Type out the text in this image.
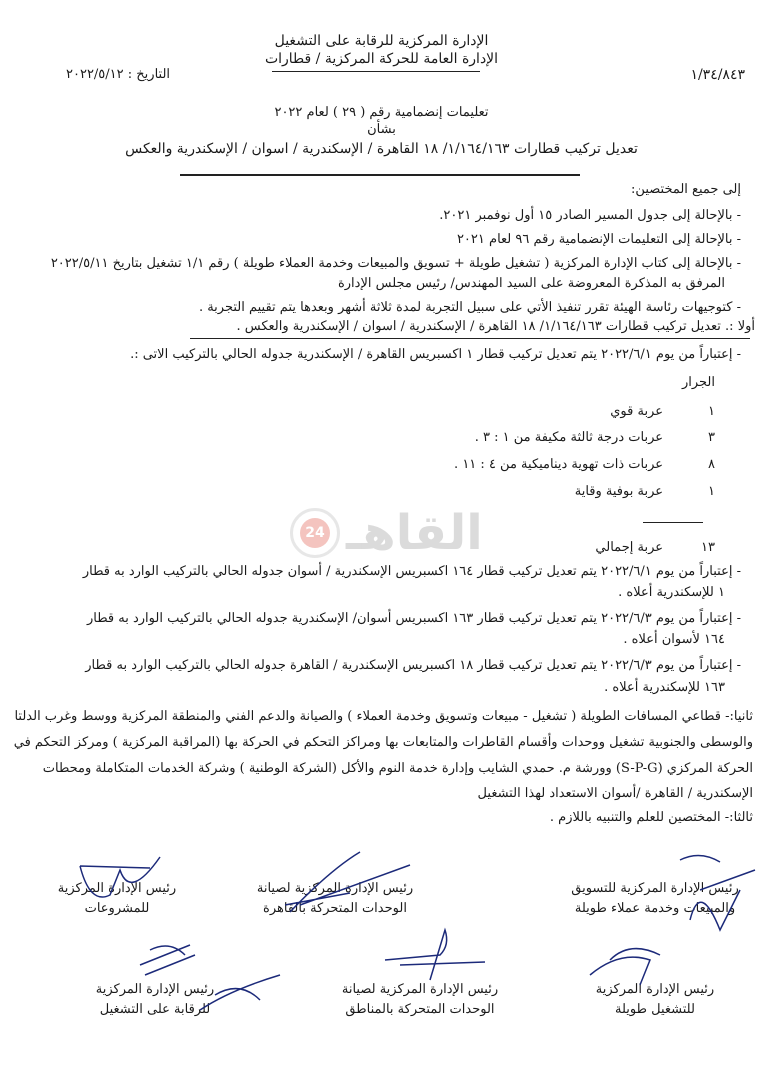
الإدارة المركزية للرقابة على التشغيل
الإدارة العامة للحركة المركزية / قطارات
١/٣٤/٨٤٣
التاريخ : ٢٠٢٢/٥/١٢
تعليمات إنضمامية رقم ( ٢٩ ) لعام ٢٠٢٢
بشأن
تعديل تركيب قطارات ١/١٦٤/١٦٣/ ١٨ القاهرة / الإسكندرية / اسوان / الإسكندرية والعكس
إلى جميع المختصين:
- بالإحالة إلى جدول المسير الصادر ١٥ أول نوفمبر ٢٠٢١.
- بالإحالة إلى التعليمات الإنضمامية رقم ٩٦ لعام ٢٠٢١
- بالإحالة إلى كتاب الإدارة المركزية ( تشغيل طويلة + تسويق والمبيعات وخدمة العملاء طويلة ) رقم ١/١ تشغيل بتاريخ ٢٠٢٢/٥/١١
المرفق به المذكرة المعروضة على السيد المهندس/ رئيس مجلس الإدارة
- كتوجيهات رئاسة الهيئة تقرر تنفيذ الأتي على سبيل التجربة لمدة ثلاثة أشهر وبعدها يتم تقييم التجربة .
أولا :. تعديل تركيب قطارات ١/١٦٤/١٦٣/ ١٨ القاهرة / الإسكندرية / اسوان / الإسكندرية والعكس .
- إعتباراً من يوم ٢٠٢٢/٦/١ يتم تعديل تركيب قطار ١ اكسبريس القاهرة / الإسكندرية جدوله الحالي بالتركيب الاتى :.
الجرار
١
عربة قوي
٣
عربات درجة ثالثة مكيفة من ١ : ٣ .
٨
عربات ذات تهوية ديناميكية من ٤ : ١١ .
١
عربة بوفية وقاية
١٣
عربة إجمالي
24 القاهـ
- إعتباراً من يوم ٢٠٢٢/٦/١ يتم تعديل تركيب قطار ١٦٤ اكسبريس الإسكندرية / أسوان جدوله الحالي بالتركيب الوارد به قطار
١ للإسكندرية أعلاه .
- إعتباراً من يوم ٢٠٢٢/٦/٣ يتم تعديل تركيب قطار ١٦٣ اكسبريس أسوان/ الإسكندرية جدوله الحالي بالتركيب الوارد به قطار
١٦٤ لأسوان أعلاه .
- إعتباراً من يوم ٢٠٢٢/٦/٣ يتم تعديل تركيب قطار ١٨ اكسبريس الإسكندرية / القاهرة جدوله الحالي بالتركيب الوارد به قطار
١٦٣ للإسكندرية أعلاه .
ثانيا:- قطاعي المسافات الطويلة ( تشغيل - مبيعات وتسويق وخدمة العملاء ) والصيانة والدعم الفني والمنطقة المركزية ووسط وغرب الدلتا
والوسطى والجنوبية تشغيل ووحدات وأقسام القاطرات والمتابعات بها ومراكز التحكم في الحركة بها (المراقبة المركزية ) ومركز التحكم في
الحركة المركزي (S-P-G) وورشة م. حمدي الشايب وإدارة خدمة النوم والأكل (الشركة الوطنية ) وشركة الخدمات المتكاملة ومحطات
الإسكندرية / القاهرة /أسوان الاستعداد لهذا التشغيل
ثالثا:- المختصين للعلم والتنبيه باللازم .
رئيس الإدارة المركزية للتسويق
والمبيعات وخدمة عملاء طويلة
رئيس الإدارة المركزية لصيانة
الوحدات المتحركة بالقاهرة
رئيس الإدارة المركزية
للمشروعات
رئيس الإدارة المركزية
للتشغيل طويلة
رئيس الإدارة المركزية لصيانة
الوحدات المتحركة بالمناطق
رئيس الإدارة المركزية
للرقابة على التشغيل
